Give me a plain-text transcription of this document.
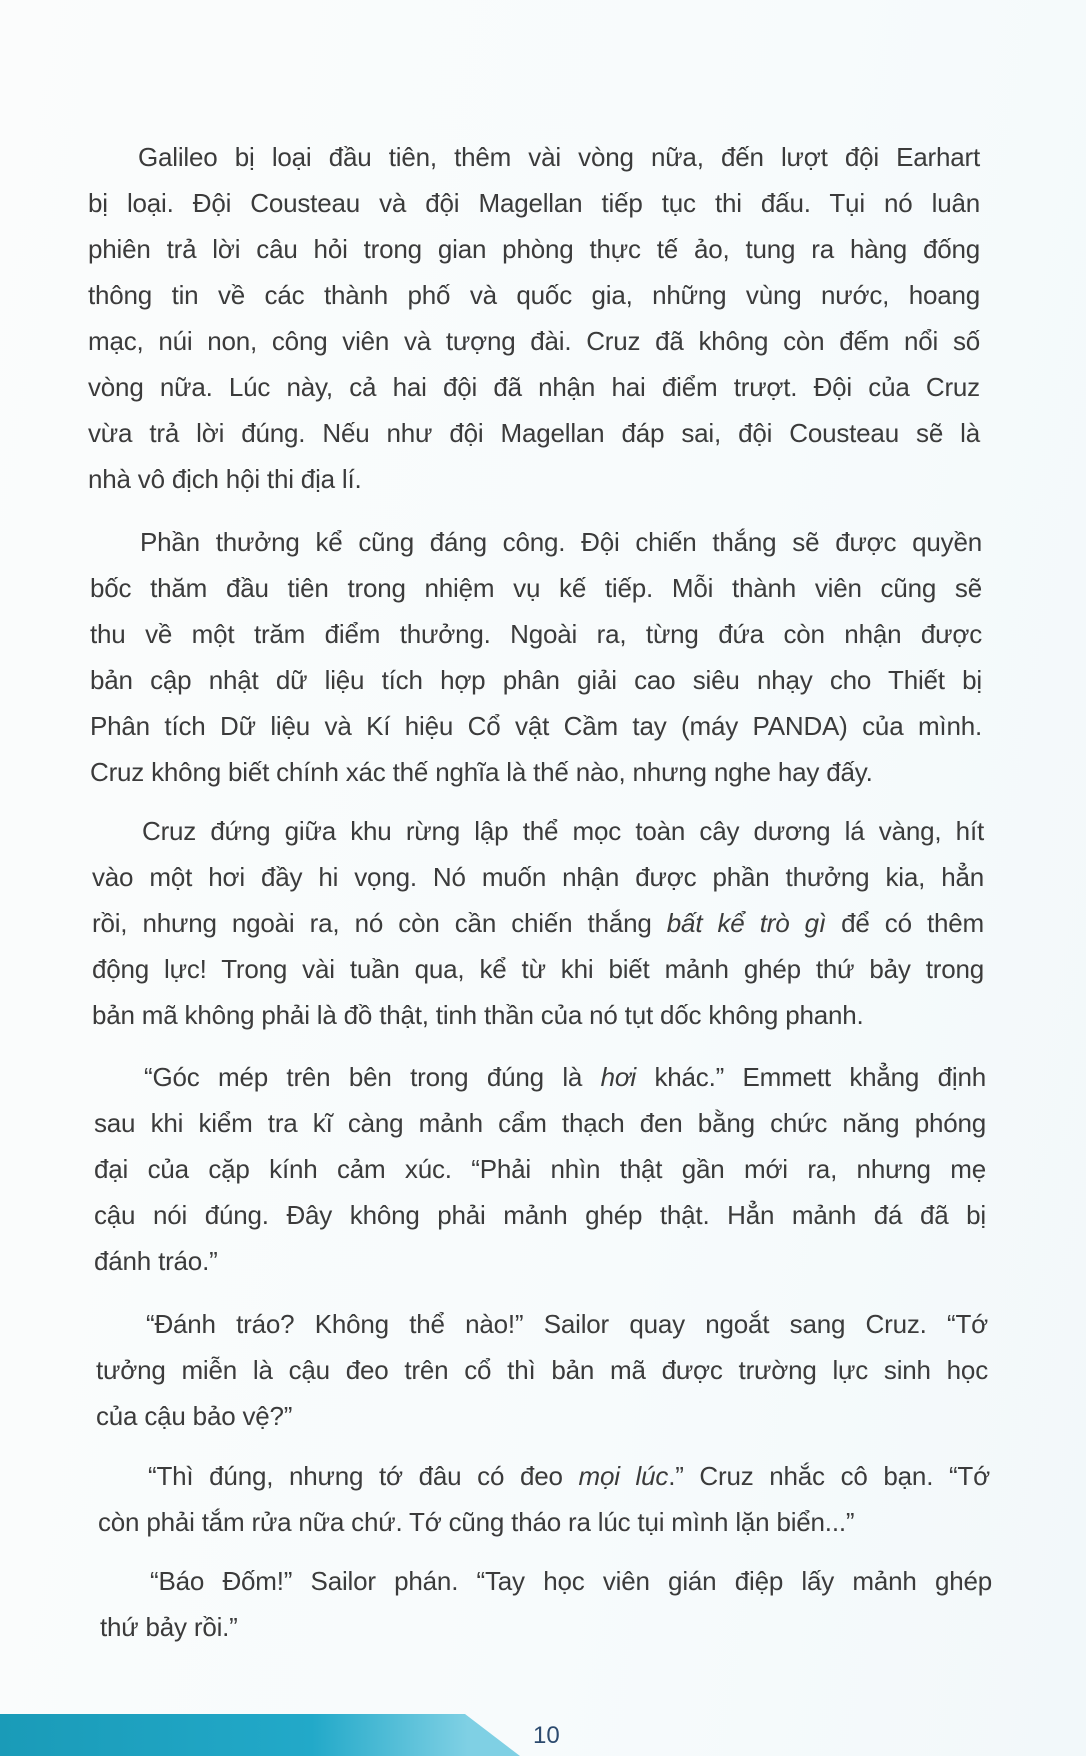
Galileo bị loại đầu tiên, thêm vài vòng nữa, đến lượt đội Earhart
bị loại. Đội Cousteau và đội Magellan tiếp tục thi đấu. Tụi nó luân
phiên trả lời câu hỏi trong gian phòng thực tế ảo, tung ra hàng đống
thông tin về các thành phố và quốc gia, những vùng nước, hoang
mạc, núi non, công viên và tượng đài. Cruz đã không còn đếm nổi số
vòng nữa. Lúc này, cả hai đội đã nhận hai điểm trượt. Đội của Cruz
vừa trả lời đúng. Nếu như đội Magellan đáp sai, đội Cousteau sẽ là
nhà vô địch hội thi địa lí.
Phần thưởng kể cũng đáng công. Đội chiến thắng sẽ được quyền
bốc thăm đầu tiên trong nhiệm vụ kế tiếp. Mỗi thành viên cũng sẽ
thu về một trăm điểm thưởng. Ngoài ra, từng đứa còn nhận được
bản cập nhật dữ liệu tích hợp phân giải cao siêu nhạy cho Thiết bị
Phân tích Dữ liệu và Kí hiệu Cổ vật Cầm tay (máy PANDA) của mình.
Cruz không biết chính xác thế nghĩa là thế nào, nhưng nghe hay đấy.
Cruz đứng giữa khu rừng lập thể mọc toàn cây dương lá vàng, hít
vào một hơi đầy hi vọng. Nó muốn nhận được phần thưởng kia, hẳn
rồi, nhưng ngoài ra, nó còn cần chiến thắng bất kể trò gì để có thêm
động lực! Trong vài tuần qua, kể từ khi biết mảnh ghép thứ bảy trong
bản mã không phải là đồ thật, tinh thần của nó tụt dốc không phanh.
“Góc mép trên bên trong đúng là hơi khác.” Emmett khẳng định
sau khi kiểm tra kĩ càng mảnh cẩm thạch đen bằng chức năng phóng
đại của cặp kính cảm xúc. “Phải nhìn thật gần mới ra, nhưng mẹ
cậu nói đúng. Đây không phải mảnh ghép thật. Hẳn mảnh đá đã bị
đánh tráo.”
“Đánh tráo? Không thể nào!” Sailor quay ngoắt sang Cruz. “Tớ
tưởng miễn là cậu đeo trên cổ thì bản mã được trường lực sinh học
của cậu bảo vệ?”
“Thì đúng, nhưng tớ đâu có đeo mọi lúc.” Cruz nhắc cô bạn. “Tớ
còn phải tắm rửa nữa chứ. Tớ cũng tháo ra lúc tụi mình lặn biển...”
“Báo Đốm!” Sailor phán. “Tay học viên gián điệp lấy mảnh ghép
thứ bảy rồi.”
10
